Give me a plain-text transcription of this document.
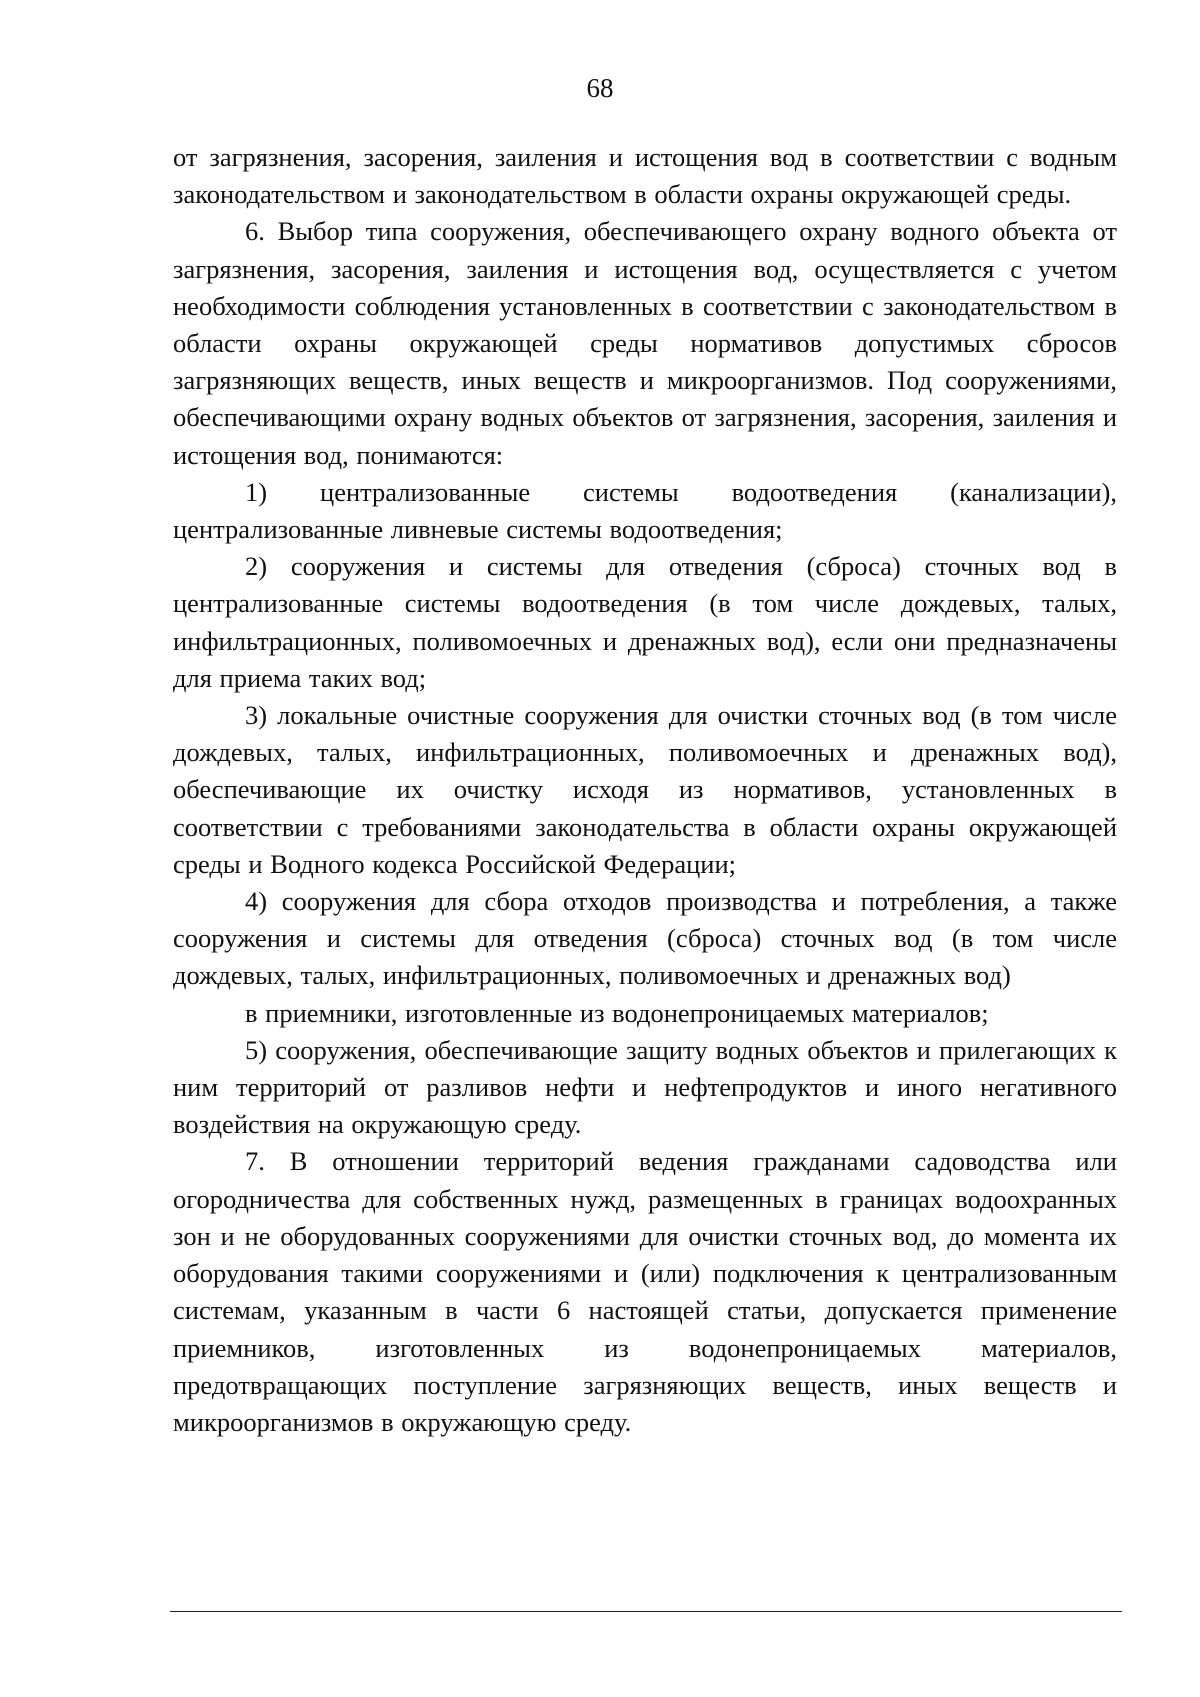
68

от загрязнения, засорения, заиления и истощения вод в соответствии с водным законодательством и законодательством в области охраны окружающей среды.

6. Выбор типа сооружения, обеспечивающего охрану водного объекта от загрязнения, засорения, заиления и истощения вод, осуществляется с учетом необходимости соблюдения установленных в соответствии с законодательством в области охраны окружающей среды нормативов допустимых сбросов загрязняющих веществ, иных веществ и микроорганизмов. Под сооружениями, обеспечивающими охрану водных объектов от загрязнения, засорения, заиления и истощения вод, понимаются:

1) централизованные системы водоотведения (канализации), централизованные ливневые системы водоотведения;

2) сооружения и системы для отведения (сброса) сточных вод в централизованные системы водоотведения (в том числе дождевых, талых, инфильтрационных, поливомоечных и дренажных вод), если они предназначены для приема таких вод;

3) локальные очистные сооружения для очистки сточных вод (в том числе дождевых, талых, инфильтрационных, поливомоечных и дренажных вод), обеспечивающие их очистку исходя из нормативов, установленных в соответствии с требованиями законодательства в области охраны окружающей среды и Водного кодекса Российской Федерации;

4) сооружения для сбора отходов производства и потребления, а также сооружения и системы для отведения (сброса) сточных вод (в том числе дождевых, талых, инфильтрационных, поливомоечных и дренажных вод)

в приемники, изготовленные из водонепроницаемых материалов;

5) сооружения, обеспечивающие защиту водных объектов и прилегающих к ним территорий от разливов нефти и нефтепродуктов и иного негативного воздействия на окружающую среду.

7. В отношении территорий ведения гражданами садоводства или огородничества для собственных нужд, размещенных в границах водоохранных зон и не оборудованных сооружениями для очистки сточных вод, до момента их оборудования такими сооружениями и (или) подключения к централизованным системам, указанным в части 6 настоящей статьи, допускается применение приемников, изготовленных из водонепроницаемых материалов, предотвращающих поступление загрязняющих веществ, иных веществ и микроорганизмов в окружающую среду.
